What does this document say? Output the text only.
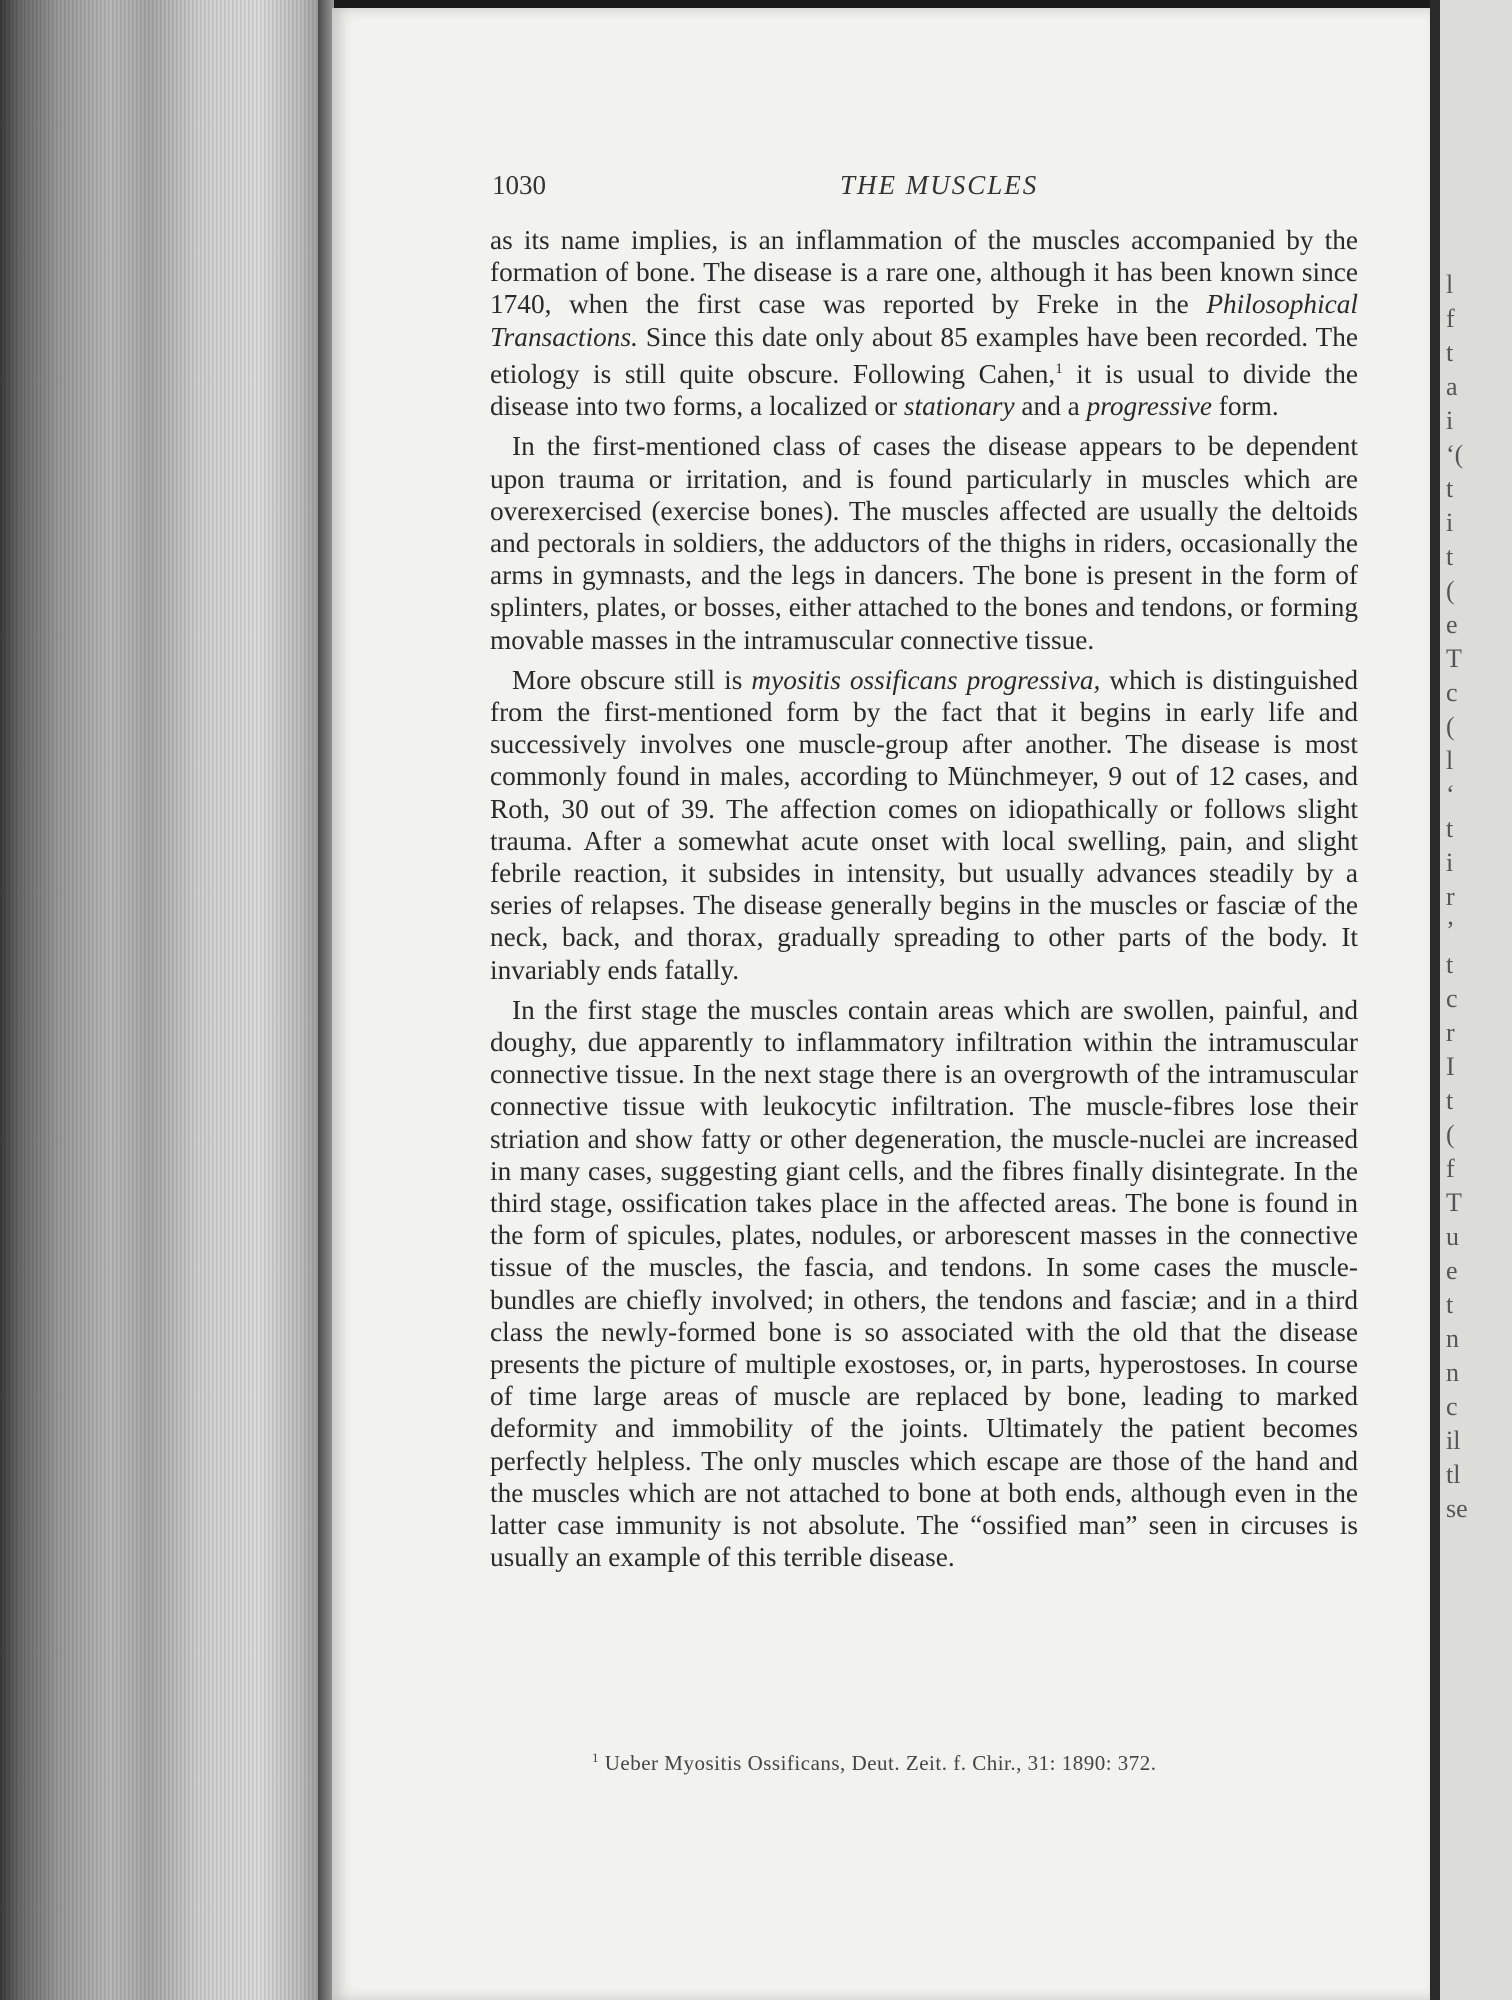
l
f
t
a
i
‘(
t
i
t
(
e
T
c
(
l
‘
t
i
r
’
t
c
r
I
t
(
f
T
u
e
t
n
n
c
il
tl
se
1030	THE MUSCLES

as its name implies, is an inflammation of the muscles accompanied by the formation of bone. The disease is a rare one, although it has been known since 1740, when the first case was reported by Freke in the Philosophical Transactions. Since this date only about 85 examples have been recorded. The etiology is still quite obscure. Following Cahen,$^1$ it is usual to divide the disease into two forms, a localized or stationary and a progressive form.

In the first-mentioned class of cases the disease appears to be dependent upon trauma or irritation, and is found particularly in muscles which are overexercised (exercise bones). The muscles affected are usually the deltoids and pectorals in soldiers, the adductors of the thighs in riders, occasionally the arms in gymnasts, and the legs in dancers. The bone is present in the form of splinters, plates, or bosses, either attached to the bones and tendons, or forming movable masses in the intramuscular connective tissue.

More obscure still is myositis ossificans progressiva, which is distinguished from the first-mentioned form by the fact that it begins in early life and successively involves one muscle-group after another. The disease is most commonly found in males, according to Münchmeyer, 9 out of 12 cases, and Roth, 30 out of 39. The affection comes on idiopathically or follows slight trauma. After a somewhat acute onset with local swelling, pain, and slight febrile reaction, it subsides in intensity, but usually advances steadily by a series of relapses. The disease generally begins in the muscles or fasciæ of the neck, back, and thorax, gradually spreading to other parts of the body. It invariably ends fatally.

In the first stage the muscles contain areas which are swollen, painful, and doughy, due apparently to inflammatory infiltration within the intramuscular connective tissue. In the next stage there is an overgrowth of the intramuscular connective tissue with leukocytic infiltration. The muscle-fibres lose their striation and show fatty or other degeneration, the muscle-nuclei are increased in many cases, suggesting giant cells, and the fibres finally disintegrate. In the third stage, ossification takes place in the affected areas. The bone is found in the form of spicules, plates, nodules, or arborescent masses in the connective tissue of the muscles, the fascia, and tendons. In some cases the muscle-bundles are chiefly involved; in others, the tendons and fasciæ; and in a third class the newly-formed bone is so associated with the old that the disease presents the picture of multiple exostoses, or, in parts, hyperostoses. In course of time large areas of muscle are replaced by bone, leading to marked deformity and immobility of the joints. Ultimately the patient becomes perfectly helpless. The only muscles which escape are those of the hand and the muscles which are not attached to bone at both ends, although even in the latter case immunity is not absolute. The “ossified man” seen in circuses is usually an example of this terrible disease.

$^1$ Ueber Myositis Ossificans, Deut. Zeit. f. Chir., 31: 1890: 372.
